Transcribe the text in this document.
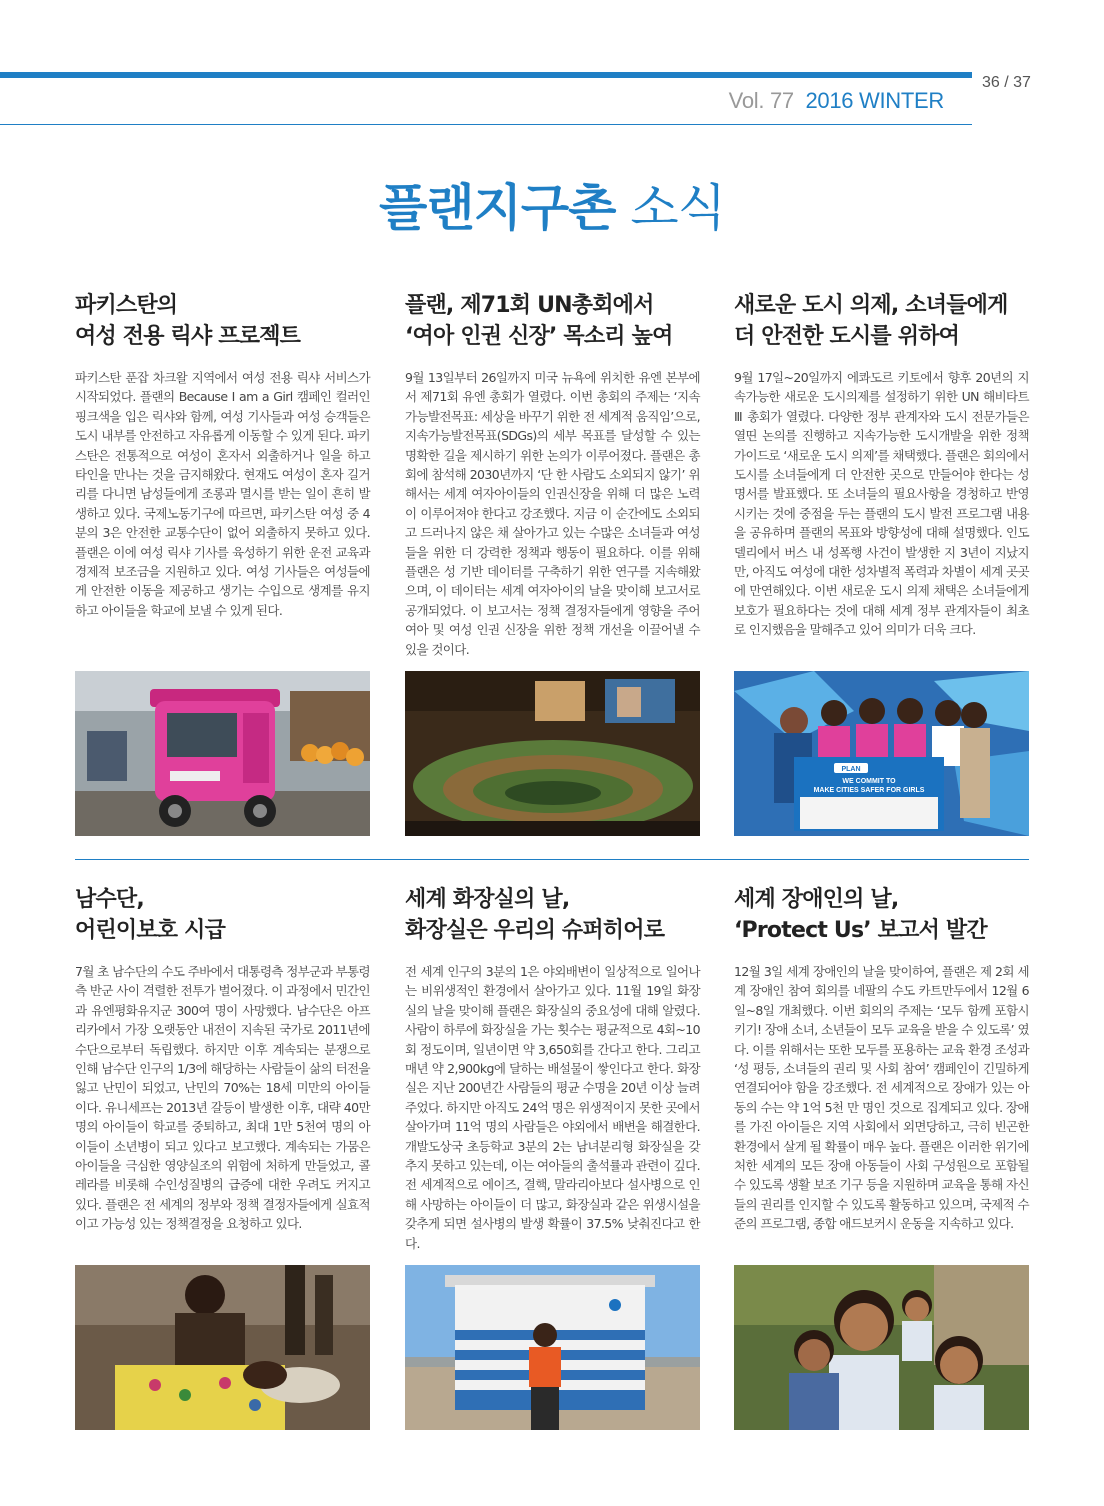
Vol. 77 2016 WINTER
36 / 37
플랜지구촌 소식
파키스탄의
여성 전용 릭샤 프로젝트

파키스탄 푼잡 차크왈 지역에서 여성 전용 릭샤 서비스가 시작되었다. 플랜의 Because I am a Girl 캠페인 컬러인 핑크색을 입은 릭샤와 함께, 여성 기사들과 여성 승객들은 도시 내부를 안전하고 자유롭게 이동할 수 있게 된다. 파키스탄은 전통적으로 여성이 혼자서 외출하거나 일을 하고 타인을 만나는 것을 금지해왔다. 현재도 여성이 혼자 길거리를 다니면 남성들에게 조롱과 멸시를 받는 일이 흔히 발생하고 있다. 국제노동기구에 따르면, 파키스탄 여성 중 4분의 3은 안전한 교통수단이 없어 외출하지 못하고 있다. 플랜은 이에 여성 릭샤 기사를 육성하기 위한 운전 교육과 경제적 보조금을 지원하고 있다. 여성 기사들은 여성들에게 안전한 이동을 제공하고 생기는 수입으로 생계를 유지하고 아이들을 학교에 보낼 수 있게 된다.

플랜, 제71회 UN총회에서
‘여아 인권 신장’ 목소리 높여

9월 13일부터 26일까지 미국 뉴욕에 위치한 유엔 본부에서 제71회 유엔 총회가 열렸다. 이번 총회의 주제는 ‘지속가능발전목표: 세상을 바꾸기 위한 전 세계적 움직임’으로, 지속가능발전목표(SDGs)의 세부 목표를 달성할 수 있는 명확한 길을 제시하기 위한 논의가 이루어졌다. 플랜은 총회에 참석해 2030년까지 ‘단 한 사람도 소외되지 않기’ 위해서는 세계 여자아이들의 인권신장을 위해 더 많은 노력이 이루어져야 한다고 강조했다. 지금 이 순간에도 소외되고 드러나지 않은 채 살아가고 있는 수많은 소녀들과 여성들을 위한 더 강력한 정책과 행동이 필요하다. 이를 위해 플랜은 성 기반 데이터를 구축하기 위한 연구를 지속해왔으며, 이 데이터는 세계 여자아이의 날을 맞이해 보고서로 공개되었다. 이 보고서는 정책 결정자들에게 영향을 주어 여아 및 여성 인권 신장을 위한 정책 개선을 이끌어낼 수 있을 것이다.

새로운 도시 의제, 소녀들에게
더 안전한 도시를 위하여

9월 17일~20일까지 에콰도르 키토에서 향후 20년의 지속가능한 새로운 도시의제를 설정하기 위한 UN 해비타트 Ⅲ 총회가 열렸다. 다양한 정부 관계자와 도시 전문가들은 열띤 논의를 진행하고 지속가능한 도시개발을 위한 정책 가이드로 ‘새로운 도시 의제’를 채택했다. 플랜은 회의에서 도시를 소녀들에게 더 안전한 곳으로 만들어야 한다는 성명서를 발표했다. 또 소녀들의 필요사항을 경청하고 반영시키는 것에 중점을 두는 플랜의 도시 발전 프로그램 내용을 공유하며 플랜의 목표와 방향성에 대해 설명했다. 인도 델리에서 버스 내 성폭행 사건이 발생한 지 3년이 지났지만, 아직도 여성에 대한 성차별적 폭력과 차별이 세계 곳곳에 만연해있다. 이번 새로운 도시 의제 채택은 소녀들에게 보호가 필요하다는 것에 대해 세계 정부 관계자들이 최초로 인지했음을 말해주고 있어 의미가 더욱 크다.

PLAN
WE COMMIT TO
MAKE CITIES SAFER FOR GIRLS
남수단,
어린이보호 시급

7월 초 남수단의 수도 주바에서 대통령측 정부군과 부통령측 반군 사이 격렬한 전투가 벌어졌다. 이 과정에서 민간인과 유엔평화유지군 300여 명이 사망했다. 남수단은 아프리카에서 가장 오랫동안 내전이 지속된 국가로 2011년에 수단으로부터 독립했다. 하지만 이후 계속되는 분쟁으로 인해 남수단 인구의 1/3에 해당하는 사람들이 삶의 터전을 잃고 난민이 되었고, 난민의 70%는 18세 미만의 아이들이다. 유니세프는 2013년 갈등이 발생한 이후, 대략 40만 명의 아이들이 학교를 중퇴하고, 최대 1만 5천여 명의 아이들이 소년병이 되고 있다고 보고했다. 계속되는 가뭄은 아이들을 극심한 영양실조의 위험에 처하게 만들었고, 콜레라를 비롯해 수인성질병의 급증에 대한 우려도 커지고 있다. 플랜은 전 세계의 정부와 정책 결정자들에게 실효적이고 가능성 있는 정책결정을 요청하고 있다.

세계 화장실의 날,
화장실은 우리의 슈퍼히어로

전 세계 인구의 3분의 1은 야외배변이 일상적으로 일어나는 비위생적인 환경에서 살아가고 있다. 11월 19일 화장실의 날을 맞이해 플랜은 화장실의 중요성에 대해 알렸다. 사람이 하루에 화장실을 가는 횟수는 평균적으로 4회~10회 정도이며, 일년이면 약 3,650회를 간다고 한다. 그리고 매년 약 2,900kg에 달하는 배설물이 쌓인다고 한다. 화장실은 지난 200년간 사람들의 평균 수명을 20년 이상 늘려주었다. 하지만 아직도 24억 명은 위생적이지 못한 곳에서 살아가며 11억 명의 사람들은 야외에서 배변을 해결한다. 개발도상국 초등학교 3분의 2는 남녀분리형 화장실을 갖추지 못하고 있는데, 이는 여아들의 출석률과 관련이 깊다. 전 세계적으로 에이즈, 결핵, 말라리아보다 설사병으로 인해 사망하는 아이들이 더 많고, 화장실과 같은 위생시설을 갖추게 되면 설사병의 발생 확률이 37.5% 낮춰진다고 한다.

세계 장애인의 날,
‘Protect Us’ 보고서 발간

12월 3일 세계 장애인의 날을 맞이하여, 플랜은 제 2회 세계 장애인 참여 회의를 네팔의 수도 카트만두에서 12월 6일~8일 개최했다. 이번 회의의 주제는 ‘모두 함께 포함시키기! 장애 소녀, 소년들이 모두 교육을 받을 수 있도록’ 였다. 이를 위해서는 또한 모두를 포용하는 교육 환경 조성과 ‘성 평등, 소녀들의 권리 및 사회 참여’ 캠페인이 긴밀하게 연결되어야 함을 강조했다. 전 세계적으로 장애가 있는 아동의 수는 약 1억 5천 만 명인 것으로 집계되고 있다. 장애를 가진 아이들은 지역 사회에서 외면당하고, 극히 빈곤한 환경에서 살게 될 확률이 매우 높다. 플랜은 이러한 위기에 처한 세계의 모든 장애 아동들이 사회 구성원으로 포함될 수 있도록 생활 보조 기구 등을 지원하며 교육을 통해 자신들의 권리를 인지할 수 있도록 활동하고 있으며, 국제적 수준의 프로그램, 종합 애드보커시 운동을 지속하고 있다.
